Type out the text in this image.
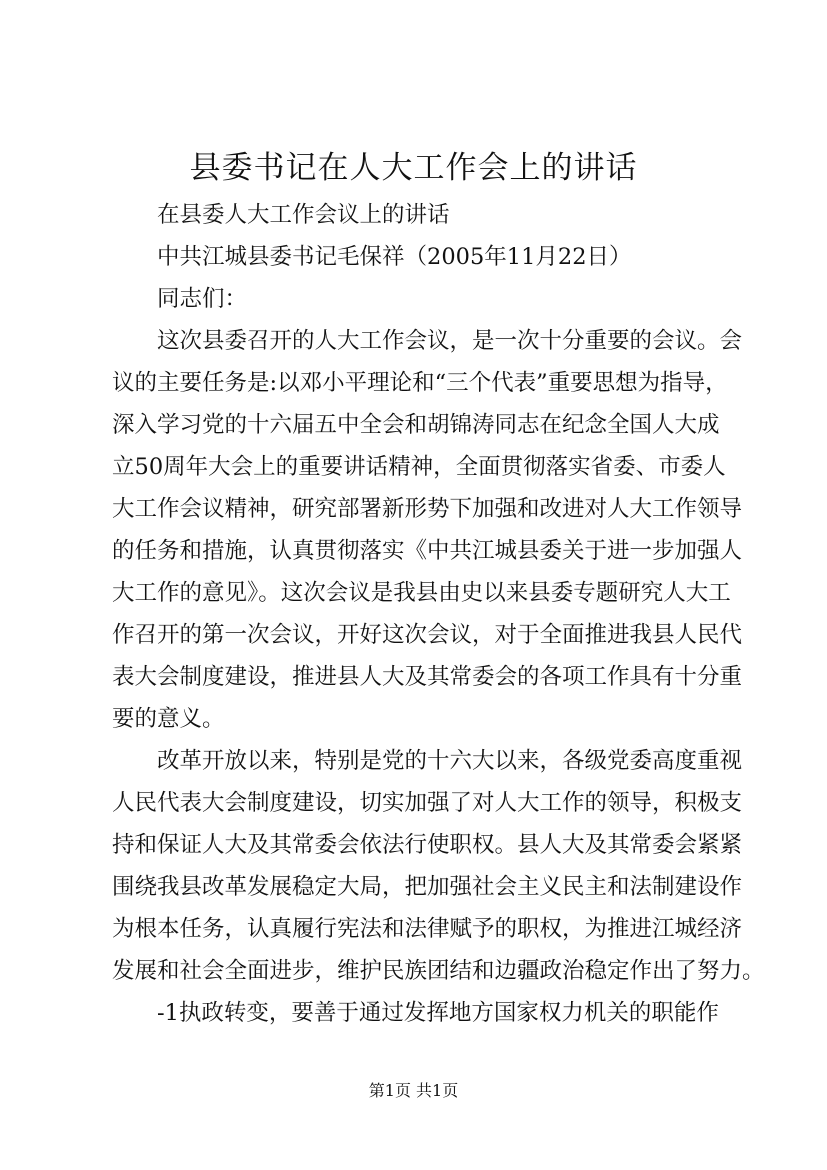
县委书记在人大工作会上的讲话

在县委人大工作会议上的讲话

中共江城县委书记毛保祥（2005年11月22日）

同志们：

这次县委召开的人大工作会议，是一次十分重要的会议。会

议的主要任务是:以邓小平理论和“三个代表”重要思想为指导，

深入学习党的十六届五中全会和胡锦涛同志在纪念全国人大成

立50周年大会上的重要讲话精神，全面贯彻落实省委、市委人

大工作会议精神，研究部署新形势下加强和改进对人大工作领导

的任务和措施，认真贯彻落实《中共江城县委关于进一步加强人

大工作的意见》。这次会议是我县由史以来县委专题研究人大工

作召开的第一次会议，开好这次会议，对于全面推进我县人民代

表大会制度建设，推进县人大及其常委会的各项工作具有十分重

要的意义。

改革开放以来，特别是党的十六大以来，各级党委高度重视

人民代表大会制度建设，切实加强了对人大工作的领导，积极支

持和保证人大及其常委会依法行使职权。县人大及其常委会紧紧

围绕我县改革发展稳定大局，把加强社会主义民主和法制建设作

为根本任务，认真履行宪法和法律赋予的职权，为推进江城经济

发展和社会全面进步，维护民族团结和边疆政治稳定作出了努力。

-1执政转变，要善于通过发挥地方国家权力机关的职能作

第1页 共1页
